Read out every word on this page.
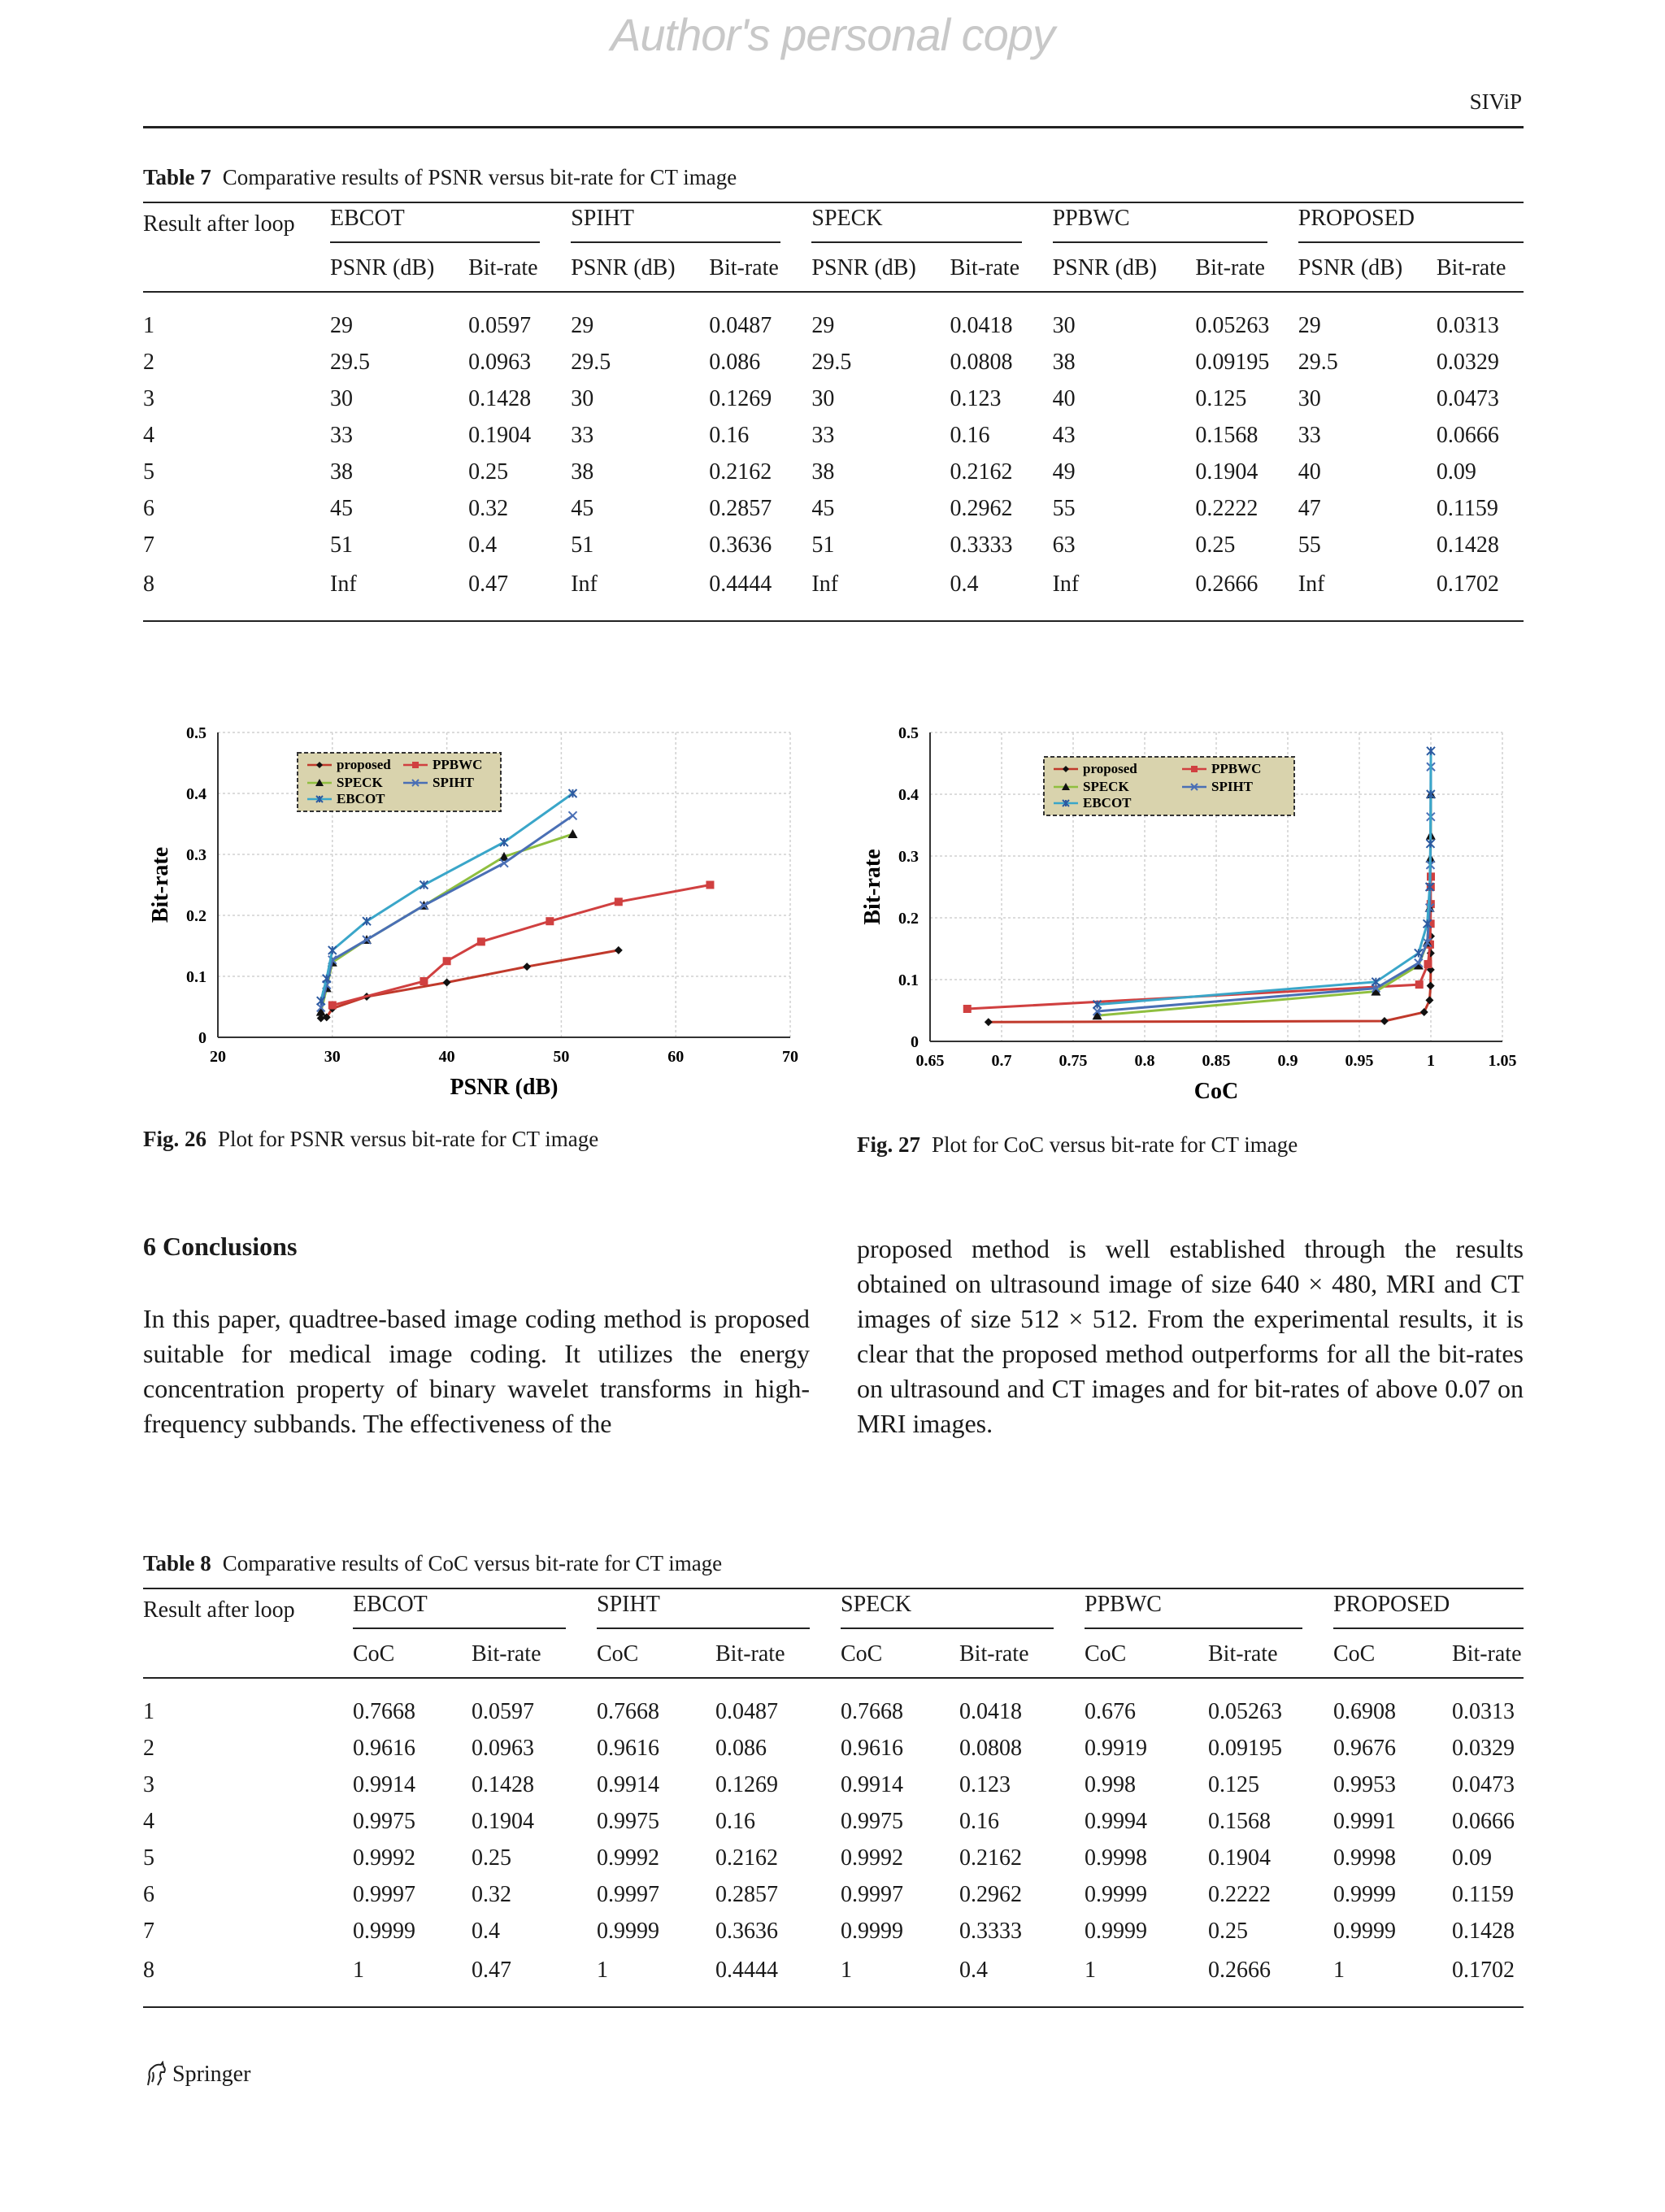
Author's personal copy
SIViP
Table 7 Comparative results of PSNR versus bit-rate for CT image
Result after loop	EBCOT		SPIHT		SPECK		PPBWC		PROPOSED	

	PSNR (dB)	Bit-rate	PSNR (dB)	Bit-rate	PSNR (dB)	Bit-rate	PSNR (dB)	Bit-rate	PSNR (dB)	Bit-rate
1	29	0.0597	29	0.0487	29	0.0418	30	0.05263	29	0.0313
2	29.5	0.0963	29.5	0.086	29.5	0.0808	38	0.09195	29.5	0.0329
3	30	0.1428	30	0.1269	30	0.123	40	0.125	30	0.0473
4	33	0.1904	33	0.16	33	0.16	43	0.1568	33	0.0666
5	38	0.25	38	0.2162	38	0.2162	49	0.1904	40	0.09
6	45	0.32	45	0.2857	45	0.2962	55	0.2222	47	0.1159
7	51	0.4	51	0.3636	51	0.3333	63	0.25	55	0.1428
8	Inf	0.47	Inf	0.4444	Inf	0.4	Inf	0.2666	Inf	0.1702
0
0.1
0.2
0.3
0.4
0.5
20	30	40	50	60	70
PSNR (dB)
Bit-rate
proposed	PPBWC
SPECK	SPIHT
EBCOT
Fig. 26 Plot for PSNR versus bit-rate for CT image
0
0.1
0.2
0.3
0.4
0.5
0.65	0.7	0.75	0.8	0.85	0.9	0.95	1	1.05
CoC
Bit-rate
proposed	PPBWC
SPECK	SPIHT
EBCOT
Fig. 27 Plot for CoC versus bit-rate for CT image
6 Conclusions
In this paper, quadtree-based image coding method is proposed suitable for medical image coding. It utilizes the energy concentration property of binary wavelet transforms in high-frequency subbands. The effectiveness of the
proposed method is well established through the results obtained on ultrasound image of size 640 × 480, MRI and CT images of size 512 × 512. From the experimental results, it is clear that the proposed method outperforms for all the bit-rates on ultrasound and CT images and for bit-rates of above 0.07 on MRI images.
Table 8 Comparative results of CoC versus bit-rate for CT image
Result after loop	EBCOT		SPIHT		SPECK		PPBWC		PROPOSED	

	CoC	Bit-rate	CoC	Bit-rate	CoC	Bit-rate	CoC	Bit-rate	CoC	Bit-rate
1	0.7668	0.0597	0.7668	0.0487	0.7668	0.0418	0.676	0.05263	0.6908	0.0313
2	0.9616	0.0963	0.9616	0.086	0.9616	0.0808	0.9919	0.09195	0.9676	0.0329
3	0.9914	0.1428	0.9914	0.1269	0.9914	0.123	0.998	0.125	0.9953	0.0473
4	0.9975	0.1904	0.9975	0.16	0.9975	0.16	0.9994	0.1568	0.9991	0.0666
5	0.9992	0.25	0.9992	0.2162	0.9992	0.2162	0.9998	0.1904	0.9998	0.09
6	0.9997	0.32	0.9997	0.2857	0.9997	0.2962	0.9999	0.2222	0.9999	0.1159
7	0.9999	0.4	0.9999	0.3636	0.9999	0.3333	0.9999	0.25	0.9999	0.1428
8	1	0.47	1	0.4444	1	0.4	1	0.2666	1	0.1702
Springer
